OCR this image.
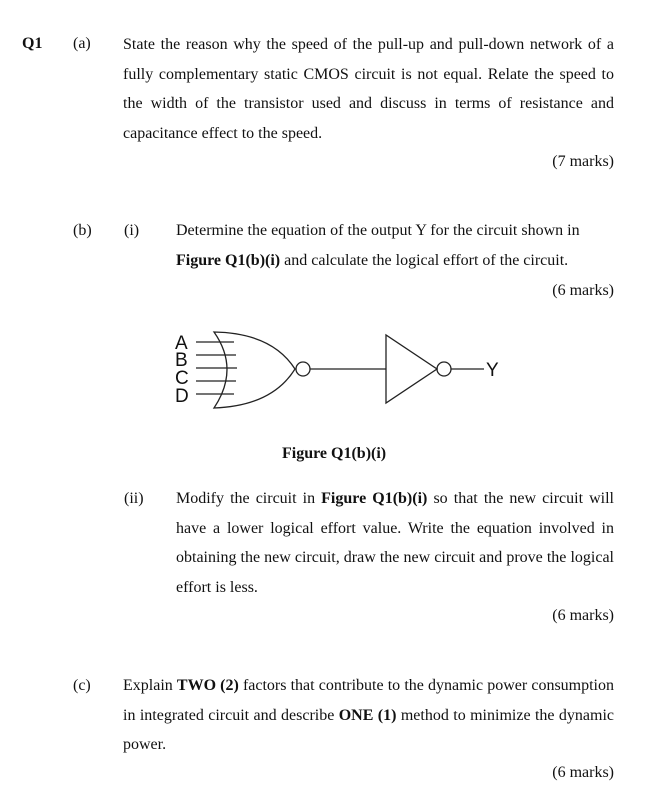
Q1 (a) State the reason why the speed of the pull-up and pull-down network of a fully complementary static CMOS circuit is not equal. Relate the speed to the width of the transistor used and discuss in terms of resistance and capacitance effect to the speed.
(7 marks)
(b) (i) Determine the equation of the output Y for the circuit shown in
Figure Q1(b)(i) and calculate the logical effort of the circuit.
(6 marks)
A
B
C
D
Y
Figure Q1(b)(i)
(ii) Modify the circuit in Figure Q1(b)(i) so that the new circuit will have a lower logical effort value. Write the equation involved in obtaining the new circuit, draw the new circuit and prove the logical effort is less.
(6 marks)
(c) Explain TWO (2) factors that contribute to the dynamic power consumption in integrated circuit and describe ONE (1) method to minimize the dynamic power.
(6 marks)
